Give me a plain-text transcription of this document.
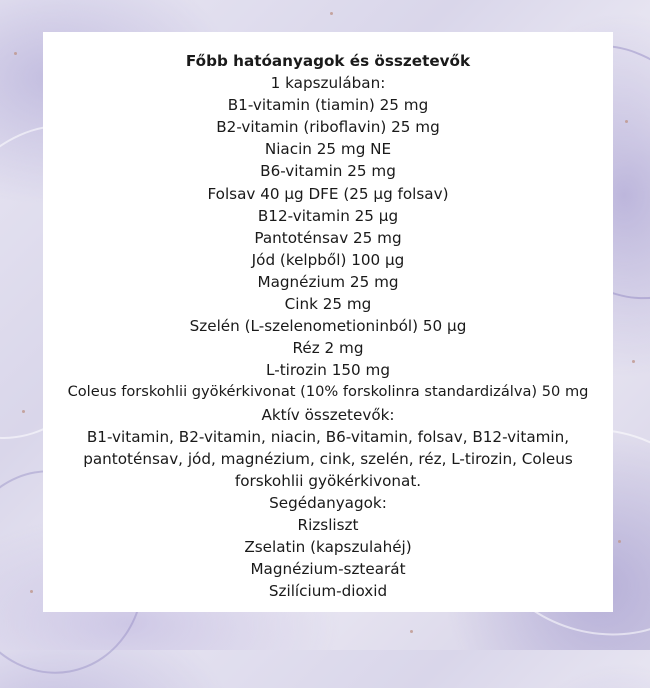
Főbb hatóanyagok és összetevők
1 kapszulában:
B1-vitamin (tiamin) 25 mg
B2-vitamin (riboflavin) 25 mg
Niacin 25 mg NE
B6-vitamin 25 mg
Folsav 40 µg DFE (25 µg folsav)
B12-vitamin 25 µg
Pantoténsav 25 mg
Jód (kelpből) 100 µg
Magnézium 25 mg
Cink 25 mg
Szelén (L-szelenometioninból) 50 µg
Réz 2 mg
L-tirozin 150 mg
Coleus forskohlii gyökérkivonat (10% forskolinra standardizálva) 50 mg
Aktív összetevők:
B1-vitamin, B2-vitamin, niacin, B6-vitamin, folsav, B12-vitamin, pantoténsav, jód, magnézium, cink, szelén, réz, L-tirozin, Coleus forskohlii gyökérkivonat.
Segédanyagok:
Rizsliszt
Zselatin (kapszulahéj)
Magnézium-sztearát
Szilícium-dioxid
